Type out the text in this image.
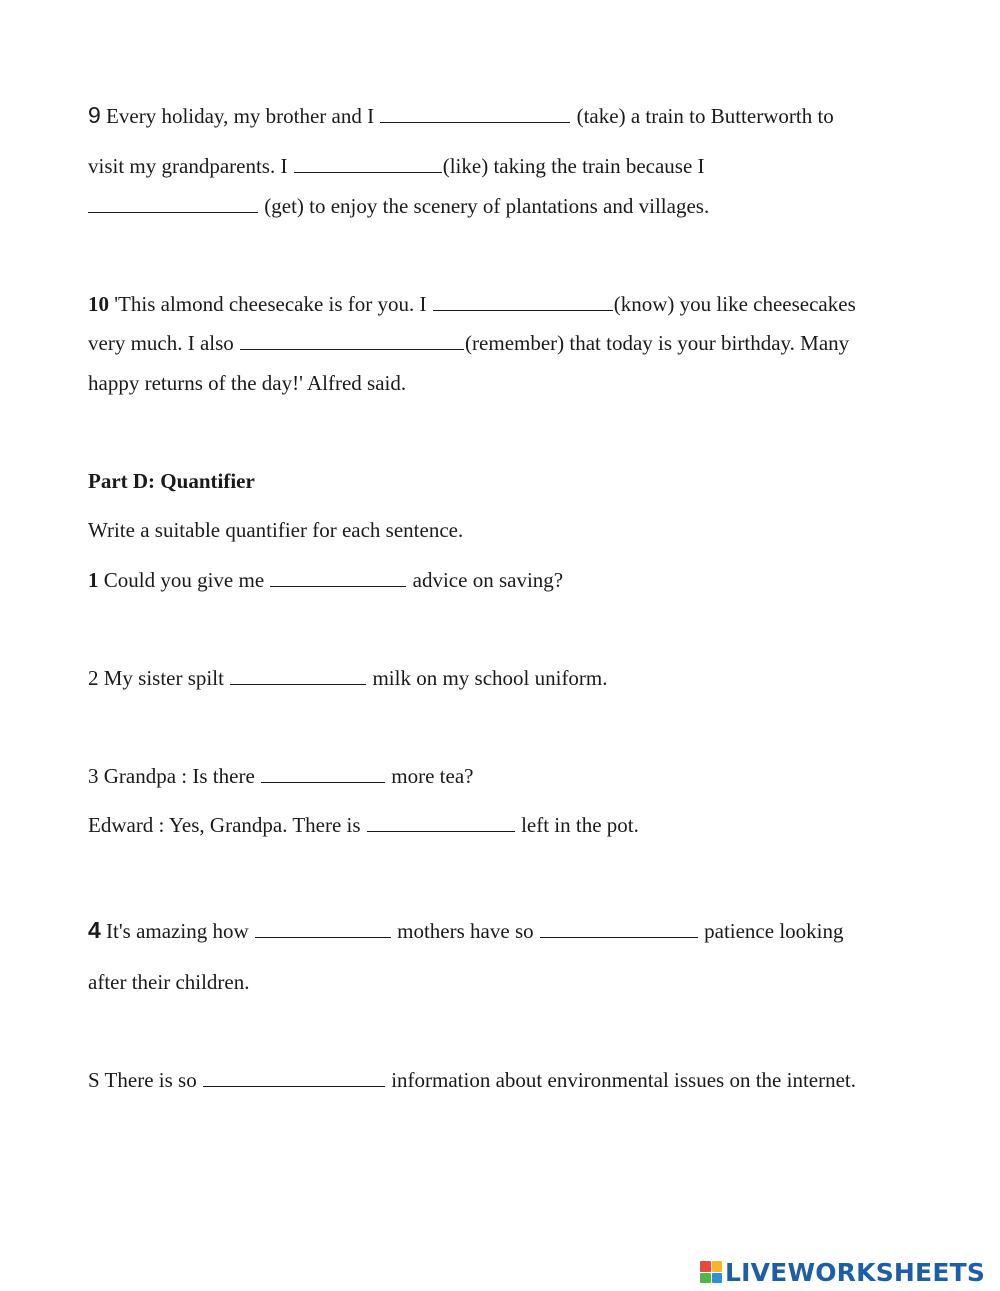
9 Every holiday, my brother and I	(take) a train to Butterworth to
visit my grandparents. I	(like) taking the train because I
(get) to enjoy the scenery of plantations and villages.
10 'This almond cheesecake is for you. I	(know) you like cheesecakes
very much. I also	(remember) that today is your birthday. Many
happy returns of the day!' Alfred said.
Part D: Quantifier
Write a suitable quantifier for each sentence.
1 Could you give me	advice on saving?
2 My sister spilt	milk on my school uniform.
3 Grandpa : Is there	more tea?
Edward : Yes, Grandpa. There is	left in the pot.
4 It's amazing how	mothers have so	patience looking
after their children.
S There is so	information about environmental issues on the internet.
LIVEWORKSHEETS
